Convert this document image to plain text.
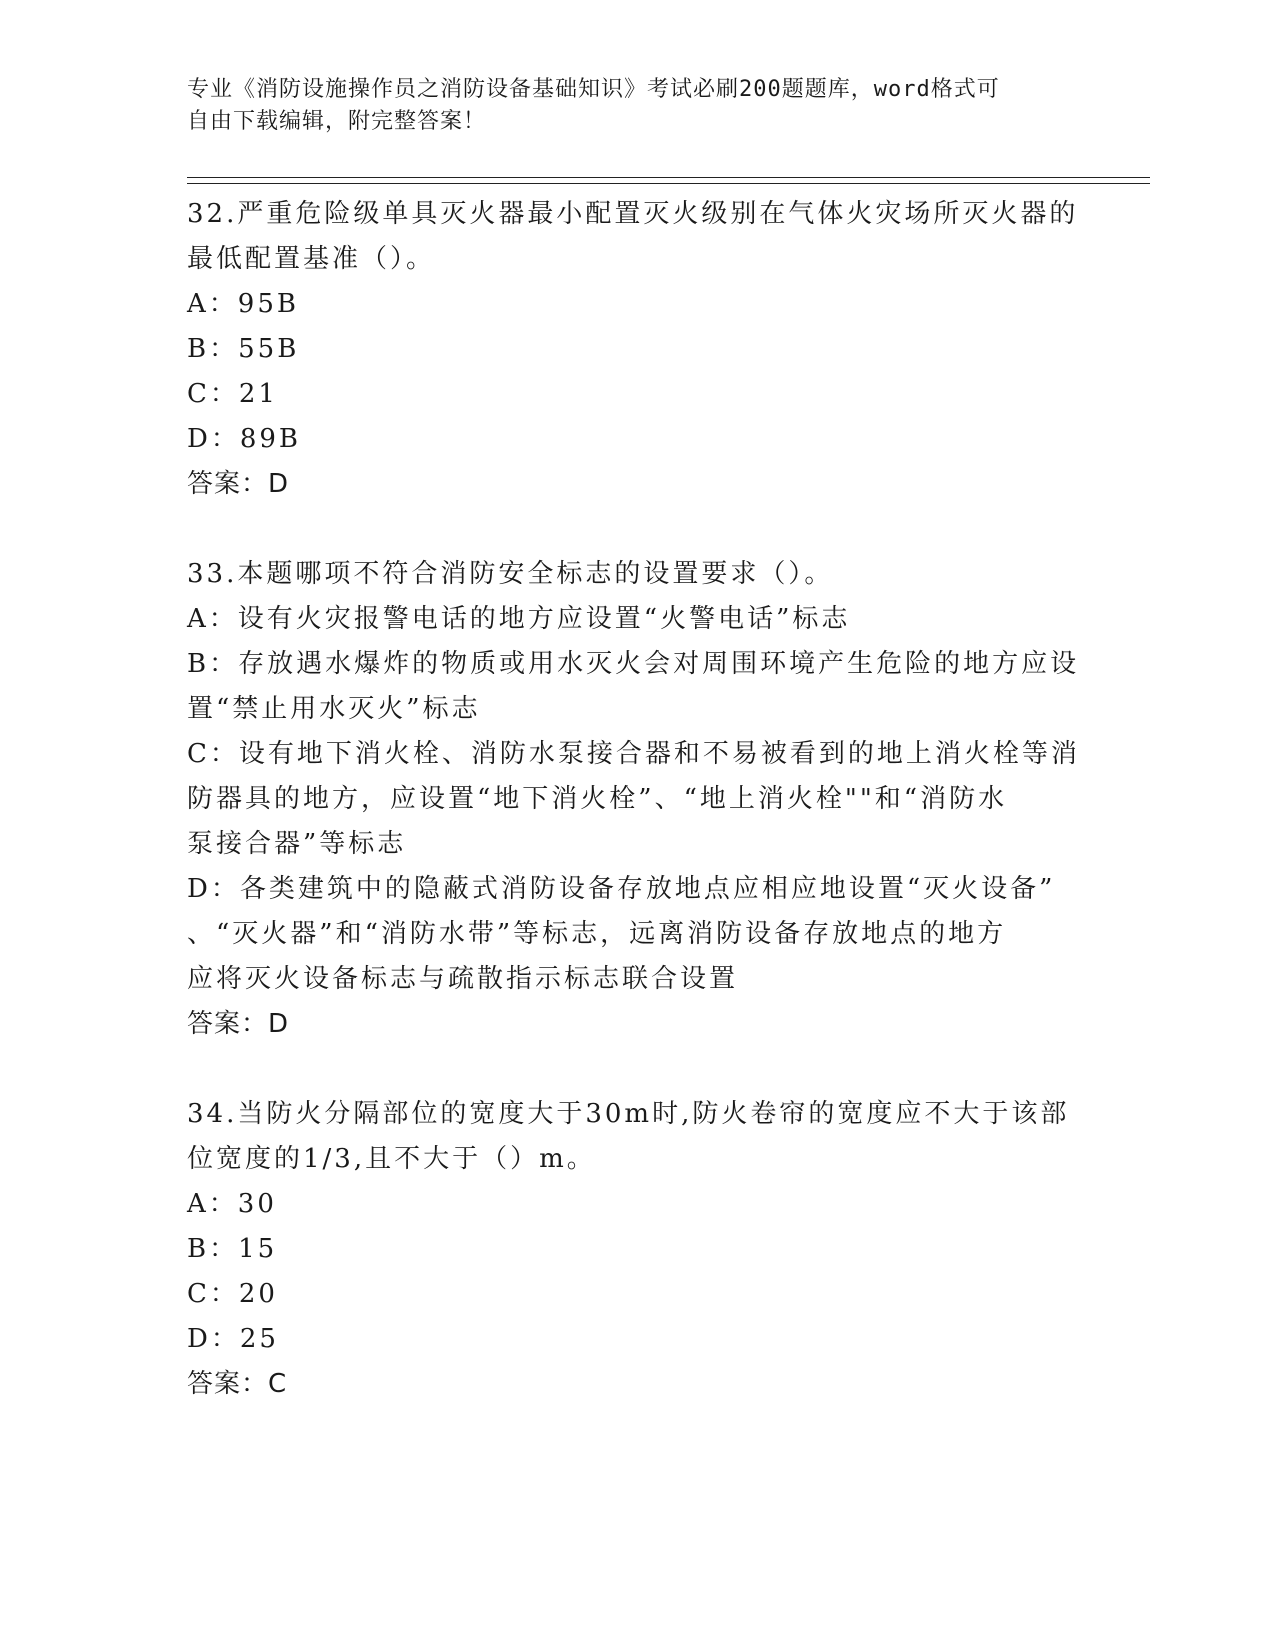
专业《消防设施操作员之消防设备基础知识》考试必刷200题题库，word格式可
自由下载编辑，附完整答案！
32.严重危险级单具灭火器最小配置灭火级别在气体火灾场所灭火器的
最低配置基准（）。
A：95B
B：55B
C：21
D：89B
答案：D
33.本题哪项不符合消防安全标志的设置要求（）。
A：设有火灾报警电话的地方应设置“火警电话”标志
B：存放遇水爆炸的物质或用水灭火会对周围环境产生危险的地方应设
置“禁止用水灭火”标志
C：设有地下消火栓、消防水泵接合器和不易被看到的地上消火栓等消
防器具的地方，应设置“地下消火栓”、“地上消火栓""和“消防水
泵接合器”等标志
D：各类建筑中的隐蔽式消防设备存放地点应相应地设置“灭火设备”
、“灭火器”和“消防水带”等标志，远离消防设备存放地点的地方
应将灭火设备标志与疏散指示标志联合设置
答案：D
34.当防火分隔部位的宽度大于30m时,防火卷帘的宽度应不大于该部
位宽度的1/3,且不大于（）m。
A：30
B：15
C：20
D：25
答案：C
